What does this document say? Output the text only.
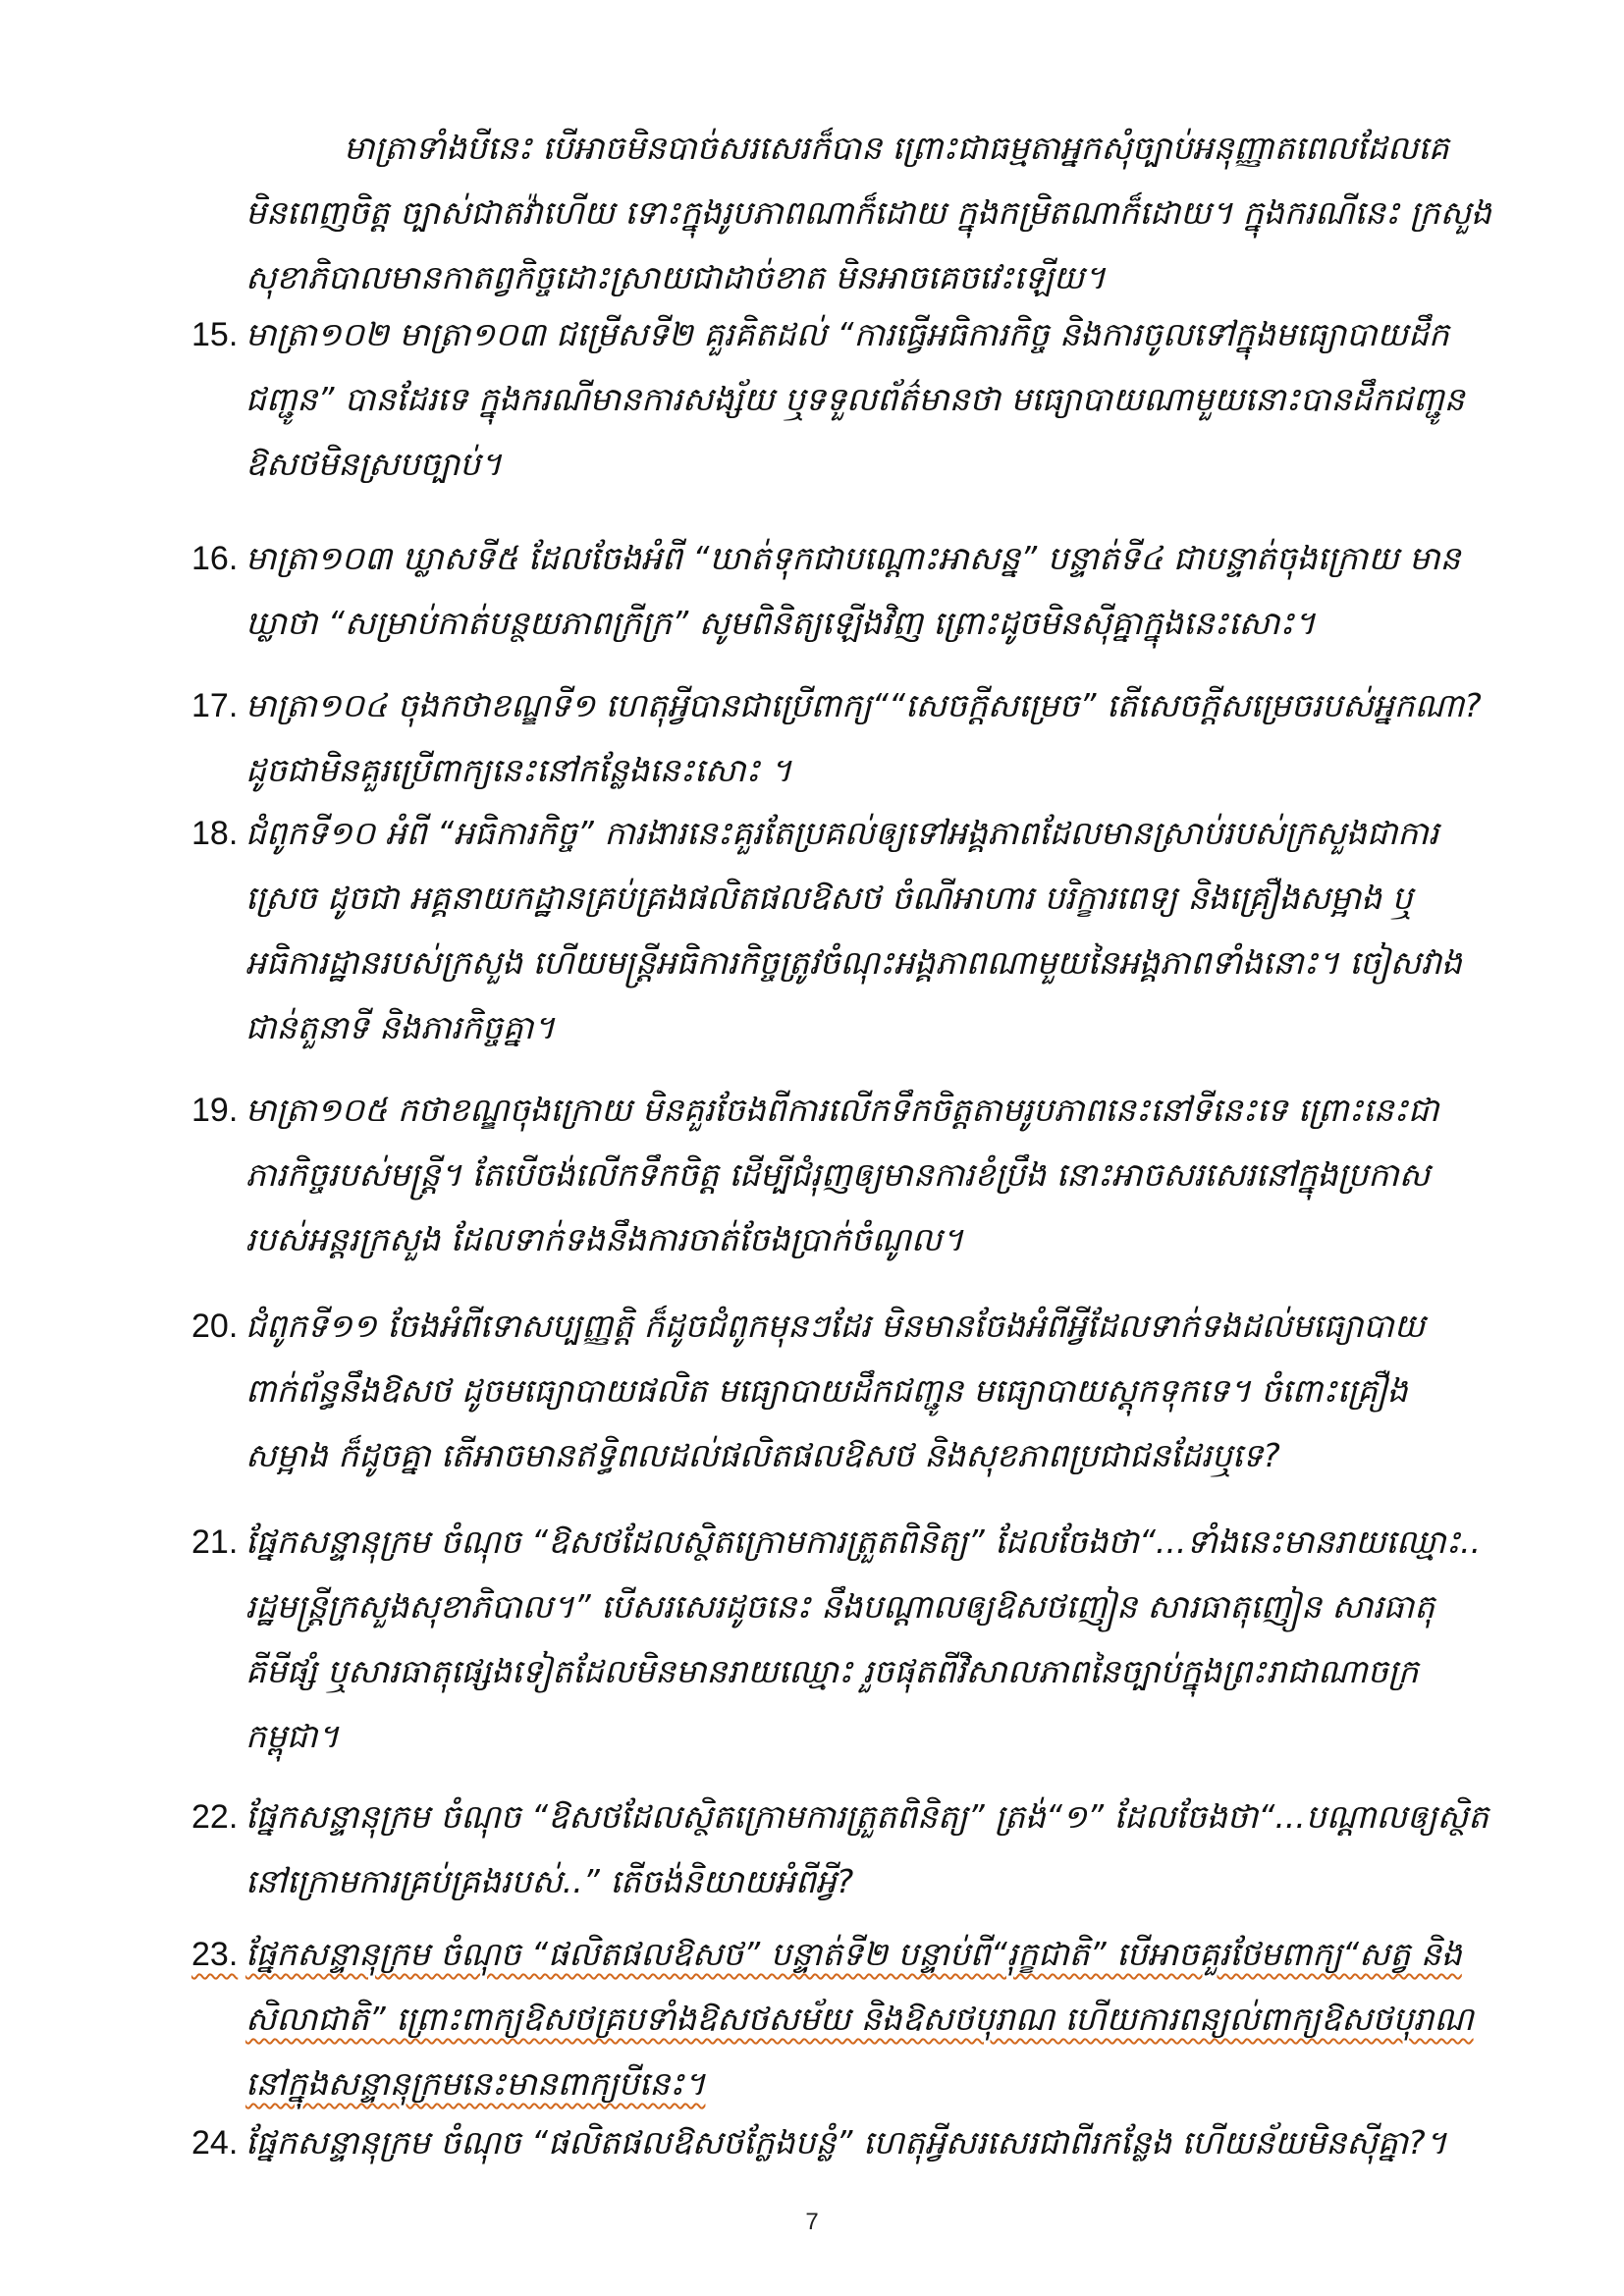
មាត្រាទាំងបីនេះ បើអាចមិនបាច់សរសេរក៏បាន ព្រោះជាធម្មតាអ្នកសុំច្បាប់អនុញ្ញាតពេលដែលគេ
មិនពេញចិត្ត ច្បាស់ជាតវ៉ាហើយ ទោះក្នុងរូបភាពណាក៏ដោយ ក្នុងកម្រិតណាក៏ដោយ។ ក្នុងករណីនេះ ក្រសួង
សុខាភិបាលមានកាតព្វកិច្ចដោះស្រាយជាដាច់ខាត មិនអាចគេចវេះឡើយ។
15. មាត្រា១០២ មាត្រា១០៣ ជម្រើសទី២ គួរគិតដល់ “ការធ្វើអធិការកិច្ច និងការចូលទៅក្នុងមធ្យោបាយដឹក
ជញ្ជូន” បានដែរទេ ក្នុងករណីមានការសង្ស័យ ឬទទួលព័ត៌មានថា មធ្យោបាយណាមួយនោះបានដឹកជញ្ជូន
ឱសថមិនស្របច្បាប់។
16. មាត្រា១០៣ ឃ្លាសទី៥ ដែលចែងអំពី “ឃាត់ទុកជាបណ្ដោះអាសន្ន” បន្ទាត់ទី៤ ជាបន្ទាត់ចុងក្រោយ មាន
ឃ្លាថា “សម្រាប់កាត់បន្ថយភាពក្រីក្រ” សូមពិនិត្យឡើងវិញ ព្រោះដូចមិនស៊ីគ្នាក្នុងនេះសោះ។
17. មាត្រា១០៤ ចុងកថាខណ្ឌទី១ ហេតុអ្វីបានជាប្រើពាក្យ““សេចក្ដីសម្រេច” តើសេចក្ដីសម្រេចរបស់អ្នកណា?
ដូចជាមិនគួរប្រើពាក្យនេះនៅកន្លែងនេះសោះ ។
18. ជំពូកទី១០ អំពី “អធិការកិច្ច” ការងារនេះគួរតែប្រគល់ឲ្យទៅអង្គភាពដែលមានស្រាប់របស់ក្រសួងជាការ
ស្រេច ដូចជា អគ្គនាយកដ្ឋានគ្រប់គ្រងផលិតផលឱសថ ចំណីអាហារ បរិក្ខារពេទ្យ និងគ្រឿងសម្អាង ឬ
អធិការដ្ឋានរបស់ក្រសួង ហើយមន្ត្រីអធិការកិច្ចត្រូវចំណុះអង្គភាពណាមួយនៃអង្គភាពទាំងនោះ។ ចៀសវាង
ជាន់តួនាទី និងភារកិច្ចគ្នា។
19. មាត្រា១០៥ កថាខណ្ឌចុងក្រោយ មិនគួរចែងពីការលើកទឹកចិត្តតាមរូបភាពនេះនៅទីនេះទេ ព្រោះនេះជា
ភារកិច្ចរបស់មន្ត្រី។ តែបើចង់លើកទឹកចិត្ត ដើម្បីជំរុញឲ្យមានការខំប្រឹង នោះអាចសរសេរនៅក្នុងប្រកាស
របស់អន្តរក្រសួង ដែលទាក់ទងនឹងការចាត់ចែងប្រាក់ចំណូល។
20. ជំពូកទី១១ ចែងអំពីទោសប្បញ្ញត្តិ ក៏ដូចជំពូកមុនៗដែរ មិនមានចែងអំពីអ្វីដែលទាក់ទងដល់មធ្យោបាយ
ពាក់ព័ន្ធនឹងឱសថ ដូចមធ្យោបាយផលិត មធ្យោបាយដឹកជញ្ជូន មធ្យោបាយស្ដុកទុកទេ។ ចំពោះគ្រឿង
សម្អាង ក៏ដូចគ្នា តើអាចមានឥទ្ធិពលដល់ផលិតផលឱសថ និងសុខភាពប្រជាជនដែរឬទេ?
21. ផ្នែកសន្ទានុក្រម ចំណុច “ឱសថដែលស្ថិតក្រោមការត្រួតពិនិត្យ” ដែលចែងថា“...ទាំងនេះមានរាយឈ្មោះ..
រដ្ឋមន្ត្រីក្រសួងសុខាភិបាល។” បើសរសេរដូចនេះ នឹងបណ្ដាលឲ្យឱសថញៀន សារធាតុញៀន សារធាតុ
គីមីផ្សំ ឬសារធាតុផ្សេងទៀតដែលមិនមានរាយឈ្មោះ រួចផុតពីវិសាលភាពនៃច្បាប់ក្នុងព្រះរាជាណាចក្រ
កម្ពុជា។
22. ផ្នែកសន្ទានុក្រម ចំណុច “ឱសថដែលស្ថិតក្រោមការត្រួតពិនិត្យ” ត្រង់“១” ដែលចែងថា“...បណ្ដាលឲ្យស្ថិត
នៅក្រោមការគ្រប់គ្រងរបស់..” តើចង់និយាយអំពីអ្វី?
23. ផ្នែកសន្ទានុក្រម ចំណុច “ផលិតផលឱសថ” បន្ទាត់ទី២ បន្ទាប់ពី“រុក្ខជាតិ” បើអាចគួរថែមពាក្យ“សត្វ និង
សិលាជាតិ” ព្រោះពាក្យឱសថគ្របទាំងឱសថសម័យ និងឱសថបុរាណ ហើយការពន្យល់ពាក្យឱសថបុរាណ
នៅក្នុងសន្ទានុក្រមនេះមានពាក្យបីនេះ។
24. ផ្នែកសន្ទានុក្រម ចំណុច “ផលិតផលឱសថក្លែងបន្លំ” ហេតុអ្វីសរសេរជាពីរកន្លែង ហើយន័យមិនស៊ីគ្នា?។
7
